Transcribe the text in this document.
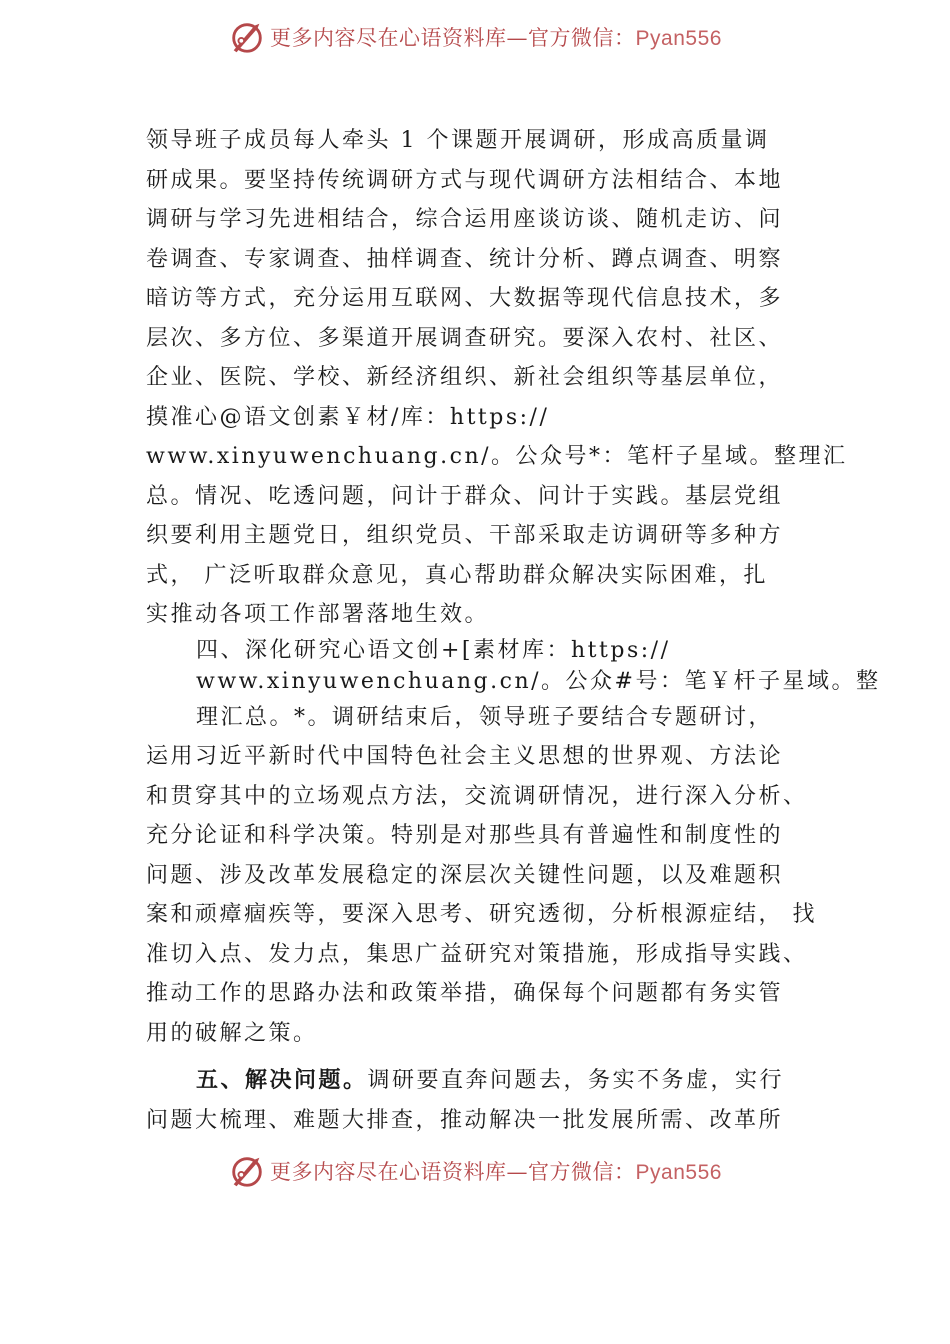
更多内容尽在心语资料库—官方微信：Pyan556
领导班子成员每人牵头 1 个课题开展调研，形成高质量调
研成果。要坚持传统调研方式与现代调研方法相结合、本地
调研与学习先进相结合，综合运用座谈访谈、随机走访、问
卷调查、专家调查、抽样调查、统计分析、蹲点调查、明察
暗访等方式，充分运用互联网、大数据等现代信息技术，多
层次、多方位、多渠道开展调查研究。要深入农村、社区、
企业、医院、学校、新经济组织、新社会组织等基层单位，
摸准心@语文创素￥材/库：https://
www.xinyuwenchuang.cn/。公众号*：笔杆子星域。整理汇
总。情况、吃透问题，问计于群众、问计于实践。基层党组
织要利用主题党日，组织党员、干部采取走访调研等多种方
式， 广泛听取群众意见，真心帮助群众解决实际困难，扎
实推动各项工作部署落地生效。
四、深化研究心语文创+[素材库：https://
www.xinyuwenchuang.cn/。公众#号：笔￥杆子星域。整
理汇总。*。调研结束后，领导班子要结合专题研讨，
运用习近平新时代中国特色社会主义思想的世界观、方法论
和贯穿其中的立场观点方法，交流调研情况，进行深入分析、
充分论证和科学决策。特别是对那些具有普遍性和制度性的
问题、涉及改革发展稳定的深层次关键性问题，以及难题积
案和顽瘴痼疾等，要深入思考、研究透彻，分析根源症结， 找
准切入点、发力点，集思广益研究对策措施，形成指导实践、
推动工作的思路办法和政策举措，确保每个问题都有务实管
用的破解之策。
五、解决问题。调研要直奔问题去，务实不务虚，实行
问题大梳理、难题大排查，推动解决一批发展所需、改革所
更多内容尽在心语资料库—官方微信：Pyan556
